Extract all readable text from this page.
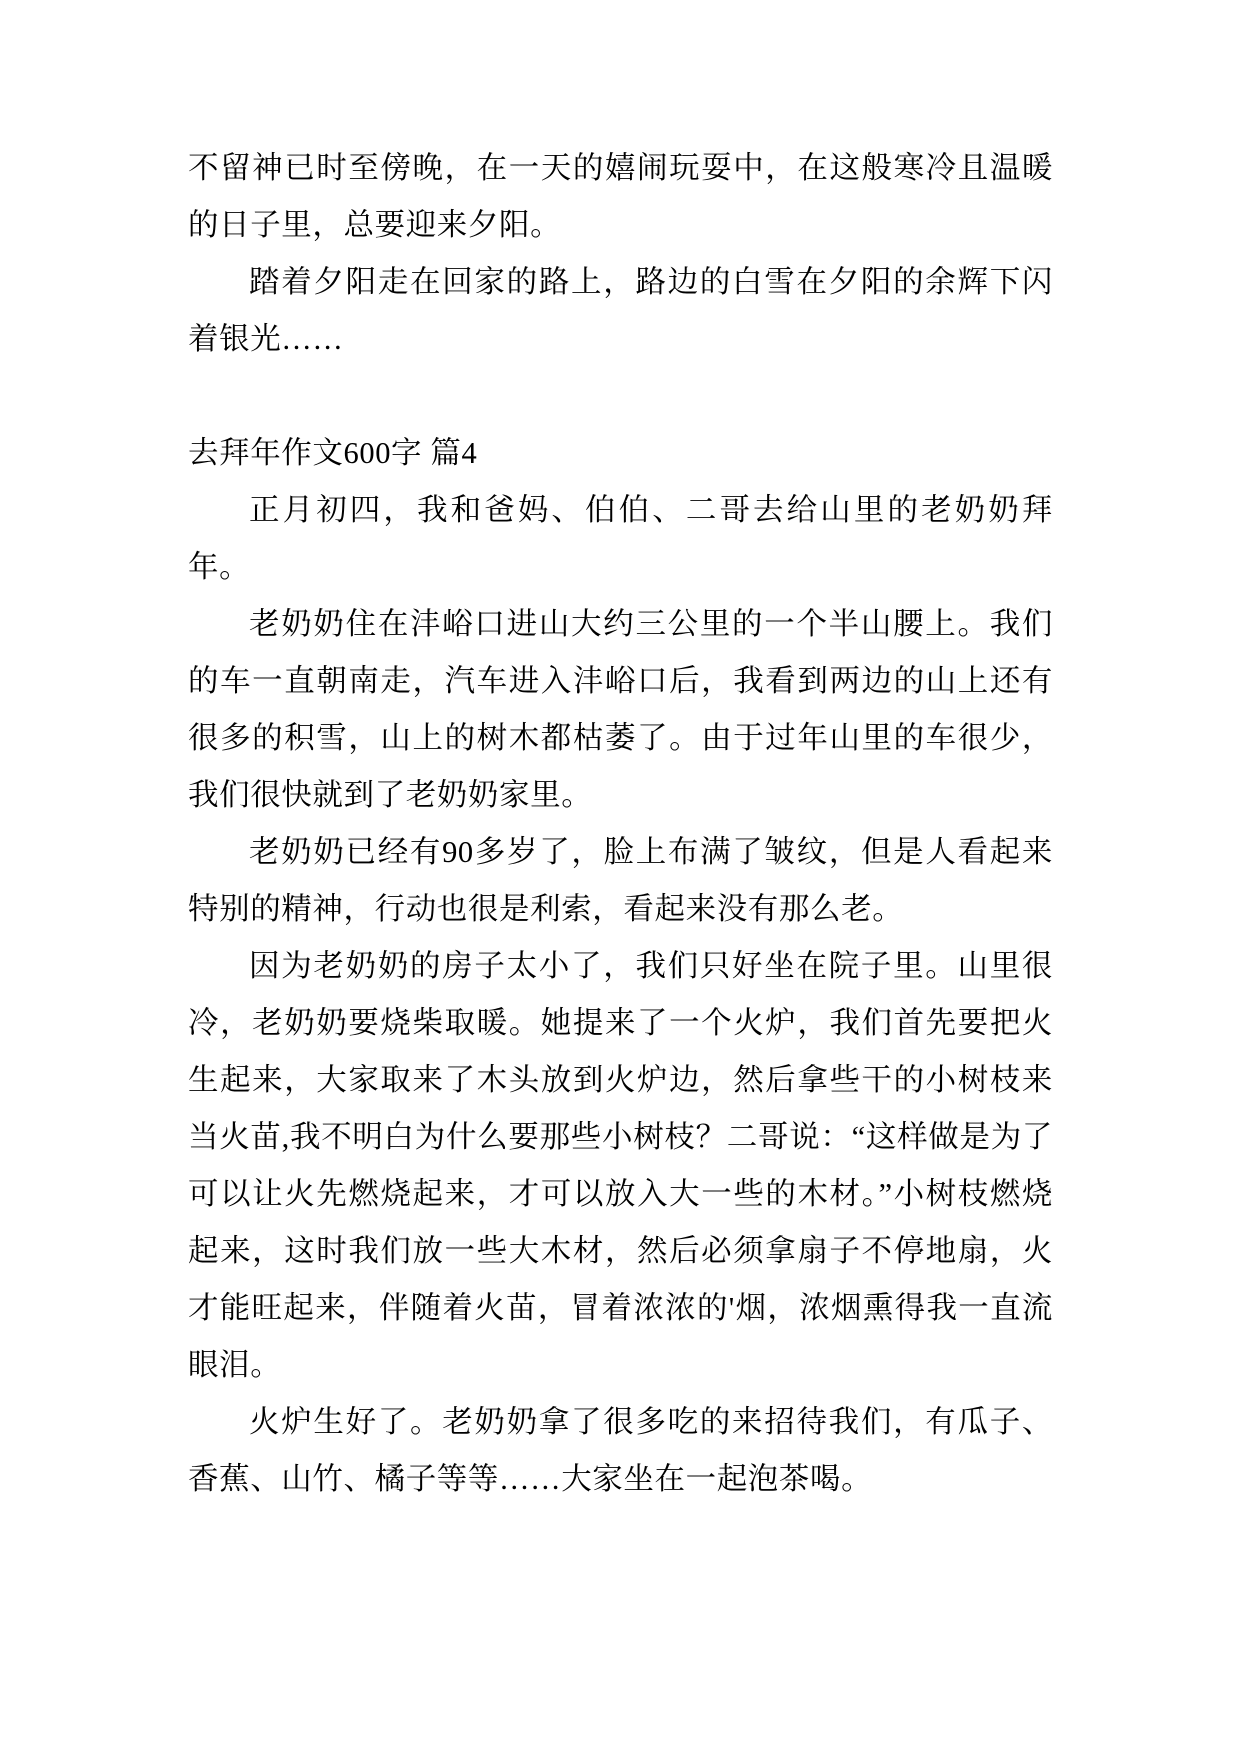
不留神已时至傍晚，在一天的嬉闹玩耍中，在这般寒冷且温暖的日子里，总要迎来夕阳。

踏着夕阳走在回家的路上，路边的白雪在夕阳的余辉下闪着银光……

去拜年作文600字 篇4

正月初四，我和爸妈、伯伯、二哥去给山里的老奶奶拜年。

老奶奶住在沣峪口进山大约三公里的一个半山腰上。我们的车一直朝南走，汽车进入沣峪口后，我看到两边的山上还有很多的积雪，山上的树木都枯萎了。由于过年山里的车很少，我们很快就到了老奶奶家里。

老奶奶已经有90多岁了，脸上布满了皱纹，但是人看起来特别的精神，行动也很是利索，看起来没有那么老。

因为老奶奶的房子太小了，我们只好坐在院子里。山里很冷，老奶奶要烧柴取暖。她提来了一个火炉，我们首先要把火生起来，大家取来了木头放到火炉边，然后拿些干的小树枝来当火苗,我不明白为什么要那些小树枝？二哥说：“这样做是为了可以让火先燃烧起来，才可以放入大一些的木材。”小树枝燃烧起来，这时我们放一些大木材，然后必须拿扇子不停地扇，火才能旺起来，伴随着火苗，冒着浓浓的'烟，浓烟熏得我一直流眼泪。

火炉生好了。老奶奶拿了很多吃的来招待我们，有瓜子、香蕉、山竹、橘子等等……大家坐在一起泡茶喝。
